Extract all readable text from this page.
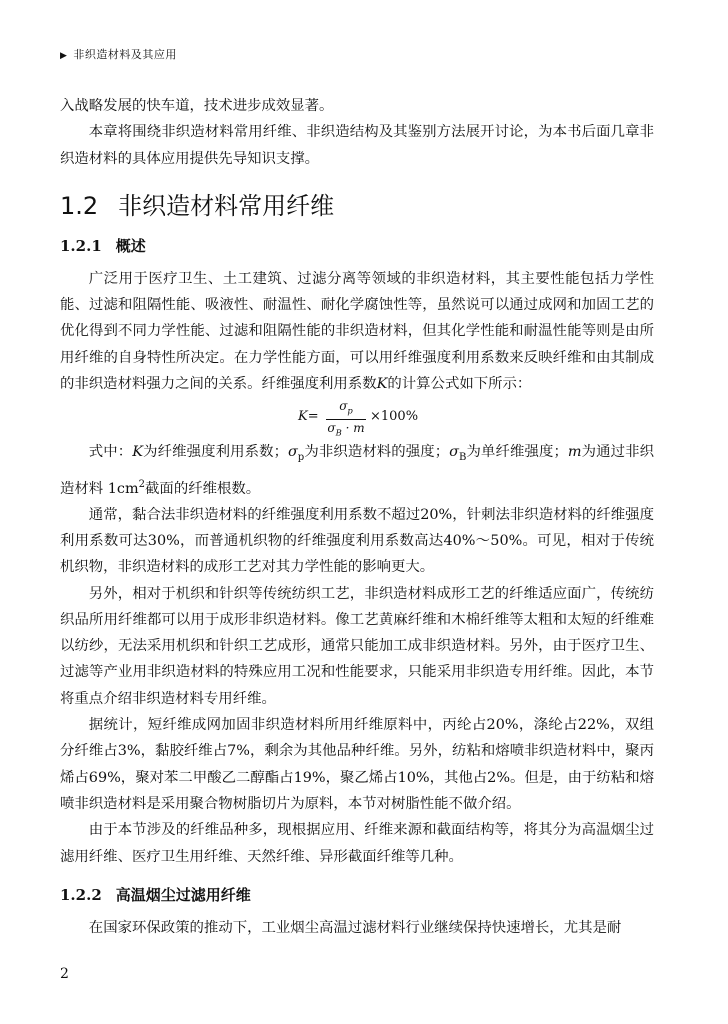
▶ 非织造材料及其应用

入战略发展的快车道，技术进步成效显著。

本章将围绕非织造材料常用纤维、非织造结构及其鉴别方法展开讨论，为本书后面几章非织造材料的具体应用提供先导知识支撑。

1.2 非织造材料常用纤维
1.2.1 概述

广泛用于医疗卫生、土工建筑、过滤分离等领域的非织造材料，其主要性能包括力学性能、过滤和阻隔性能、吸液性、耐温性、耐化学腐蚀性等，虽然说可以通过成网和加固工艺的优化得到不同力学性能、过滤和阻隔性能的非织造材料，但其化学性能和耐温性能等则是由所用纤维的自身特性所决定。在力学性能方面，可以用纤维强度利用系数来反映纤维和由其制成的非织造材料强力之间的关系。纤维强度利用系数K的计算公式如下所示：

K=
$\sigma_p$
$\sigma_B \cdot m$
×100%

式中：K为纤维强度利用系数；$\sigma_p$为非织造材料的强度；$\sigma_B$为单纤维强度；m为通过非织造材料 $1cm^2$截面的纤维根数。

通常，黏合法非织造材料的纤维强度利用系数不超过20%，针刺法非织造材料的纤维强度利用系数可达30%，而普通机织物的纤维强度利用系数高达40%～50%。可见，相对于传统机织物，非织造材料的成形工艺对其力学性能的影响更大。

另外，相对于机织和针织等传统纺织工艺，非织造材料成形工艺的纤维适应面广，传统纺织品所用纤维都可以用于成形非织造材料。像工艺黄麻纤维和木棉纤维等太粗和太短的纤维难以纺纱，无法采用机织和针织工艺成形，通常只能加工成非织造材料。另外，由于医疗卫生、过滤等产业用非织造材料的特殊应用工况和性能要求，只能采用非织造专用纤维。因此，本节将重点介绍非织造材料专用纤维。

据统计，短纤维成网加固非织造材料所用纤维原料中，丙纶占20%，涤纶占22%，双组分纤维占3%，黏胶纤维占7%，剩余为其他品种纤维。另外，纺粘和熔喷非织造材料中，聚丙烯占69%，聚对苯二甲酸乙二醇酯占19%，聚乙烯占10%，其他占2%。但是，由于纺粘和熔喷非织造材料是采用聚合物树脂切片为原料，本节对树脂性能不做介绍。

由于本节涉及的纤维品种多，现根据应用、纤维来源和截面结构等，将其分为高温烟尘过滤用纤维、医疗卫生用纤维、天然纤维、异形截面纤维等几种。

1.2.2 高温烟尘过滤用纤维

在国家环保政策的推动下，工业烟尘高温过滤材料行业继续保持快速增长，尤其是耐

2
